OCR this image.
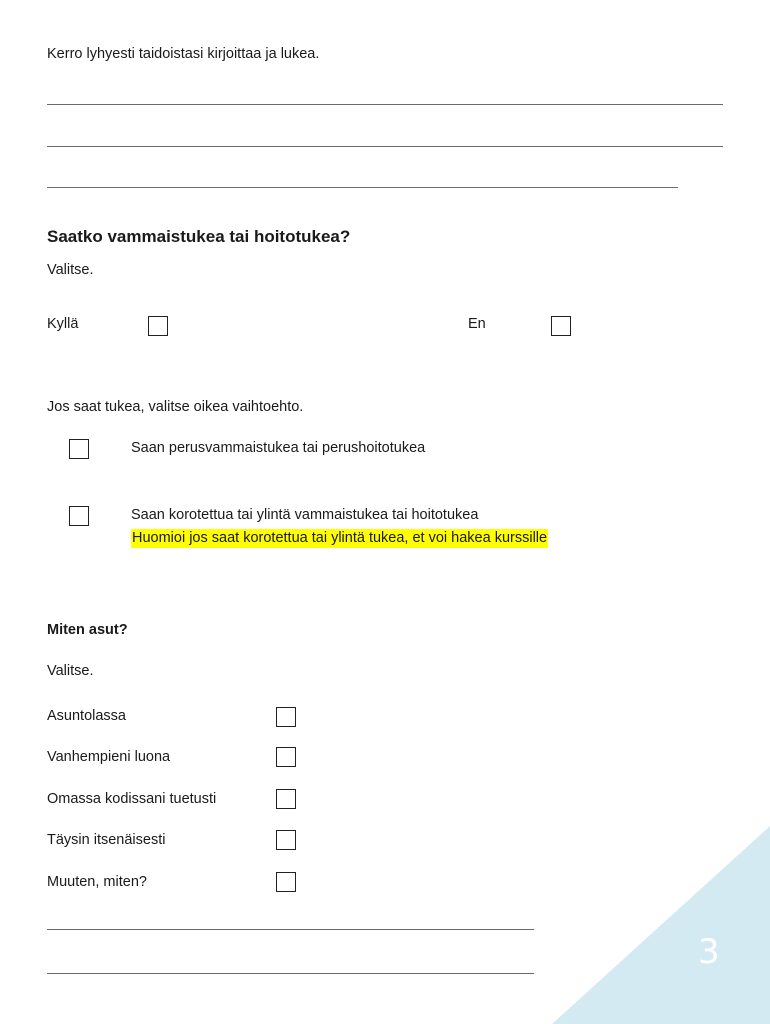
Kerro lyhyesti taidoistasi kirjoittaa ja lukea.
Saatko vammaistukea tai hoitotukea?
Valitse.
Kyllä	En
Jos saat tukea, valitse oikea vaihtoehto.
Saan perusvammaistukea tai perushoitotukea
Saan korotettua tai ylintä vammaistukea tai hoitotukea
Huomioi jos saat korotettua tai ylintä tukea, et voi hakea kurssille
Miten asut?
Valitse.
Asuntolassa
Vanhempieni luona
Omassa kodissani tuetusti
Täysin itsenäisesti
Muuten, miten?
3
